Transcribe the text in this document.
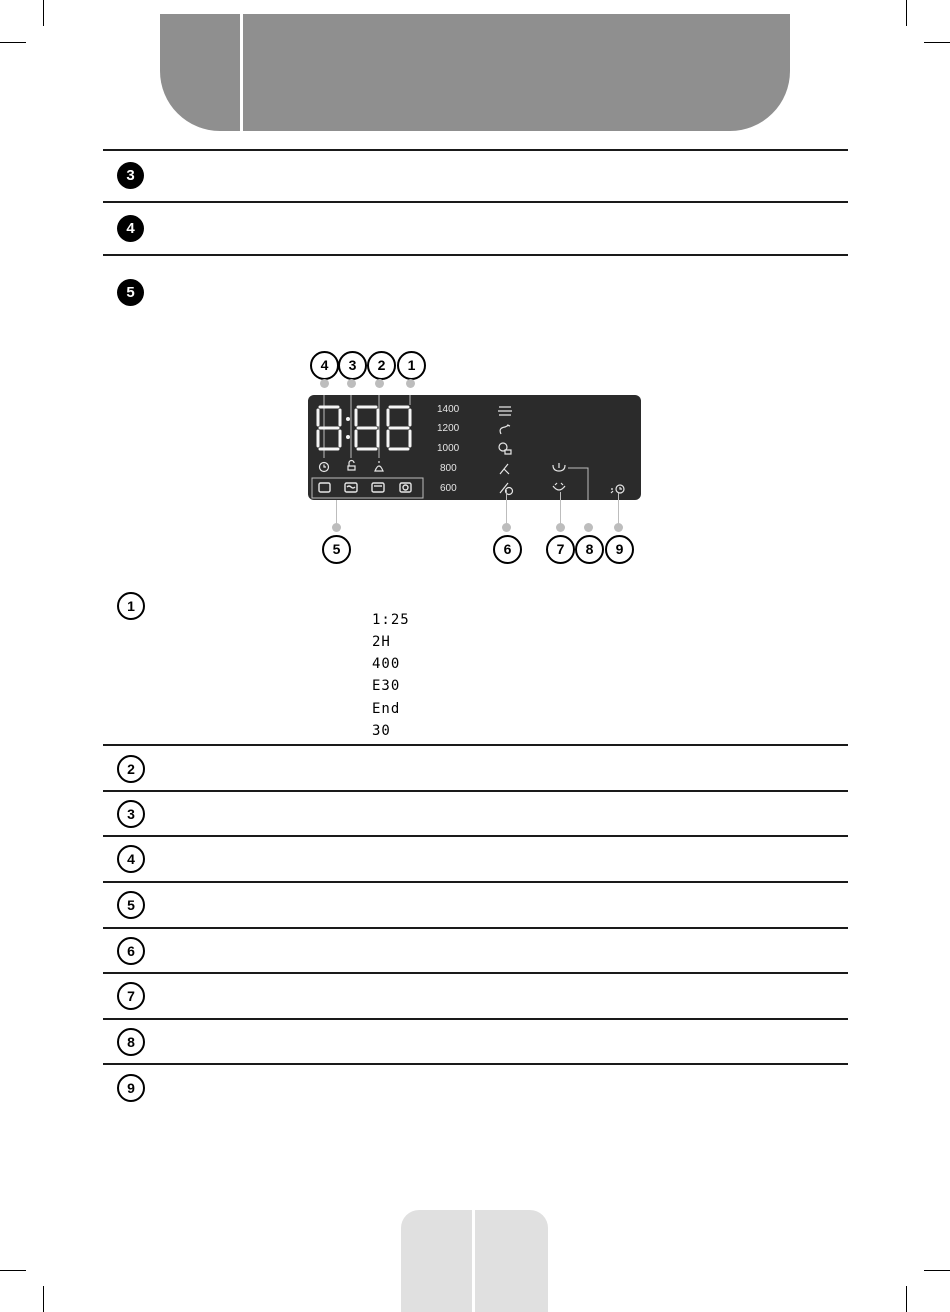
3
4
5
4	3	2	1
1400
1200
1000
800
600
5	6	7	8	9
1
1:25
2H
400
E30
End
30
2
3
4
5
6
7
8
9
